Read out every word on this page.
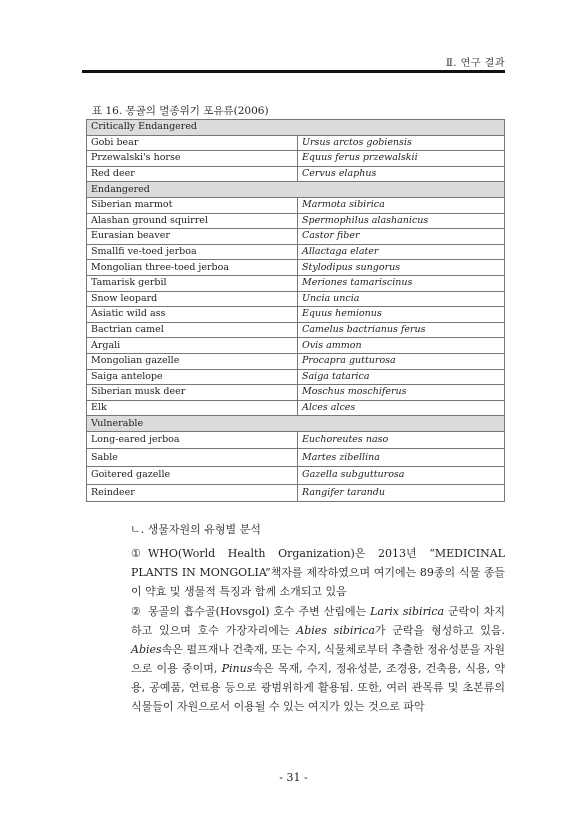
Ⅱ. 연구 결과
표 16. 몽골의 멸종위기 포유류(2006)
Critically Endangered	
Gobi bear	Ursus arctos gobiensis
Przewalski's horse	Equus ferus przewalskii
Red deer	Cervus elaphus
Endangered	
Siberian marmot	Marmota sibirica
Alashan ground squirrel	Spermophilus alashanicus
Eurasian beaver	Castor fiber
Smallfi ve-toed jerboa	Allactaga elater
Mongolian three-toed jerboa	Stylodipus sungorus
Tamarisk gerbil	Meriones tamariscinus
Snow leopard	Uncia uncia
Asiatic wild ass	Equus hemionus
Bactrian camel	Camelus bactrianus ferus
Argali	Ovis ammon
Mongolian gazelle	Procapra gutturosa
Saiga antelope	Saiga tatarica
Siberian musk deer	Moschus moschiferus
Elk	Alces alces
Vulnerable	
Long-eared jerboa	Euchoreutes naso
Sable	Martes zibellina
Goitered gazelle	Gazella subgutturosa
Reindeer	Rangifer tarandu
ㄴ. 생물자원의 유형별 분석
① WHO(World Health Organization)은 2013년 “MEDICINAL PLANTS IN MONGOLIA”책자를 제작하였으며 여기에는 89종의 식물 종들이 약효 및 생물적 특징과 함께 소개되고 있음
② 몽골의 흡수골(Hovsgol) 호수 주변 산림에는 Larix sibirica 군락이 차지하고 있으며 호수 가장자리에는 Abies sibirica가 군락을 형성하고 있음. Abies속은 펄프재나 건축재, 또는 수지, 식물체로부터 추출한 정유성분을 자원으로 이용 중이며, Pinus속은 목재, 수지, 정유성분, 조경용, 건축용, 식용, 약용, 공예품, 연료용 등으로 광범위하게 활용됨. 또한, 여러 관목류 및 초본류의 식물들이 자원으로서 이용될 수 있는 여지가 있는 것으로 파악
- 31 -
